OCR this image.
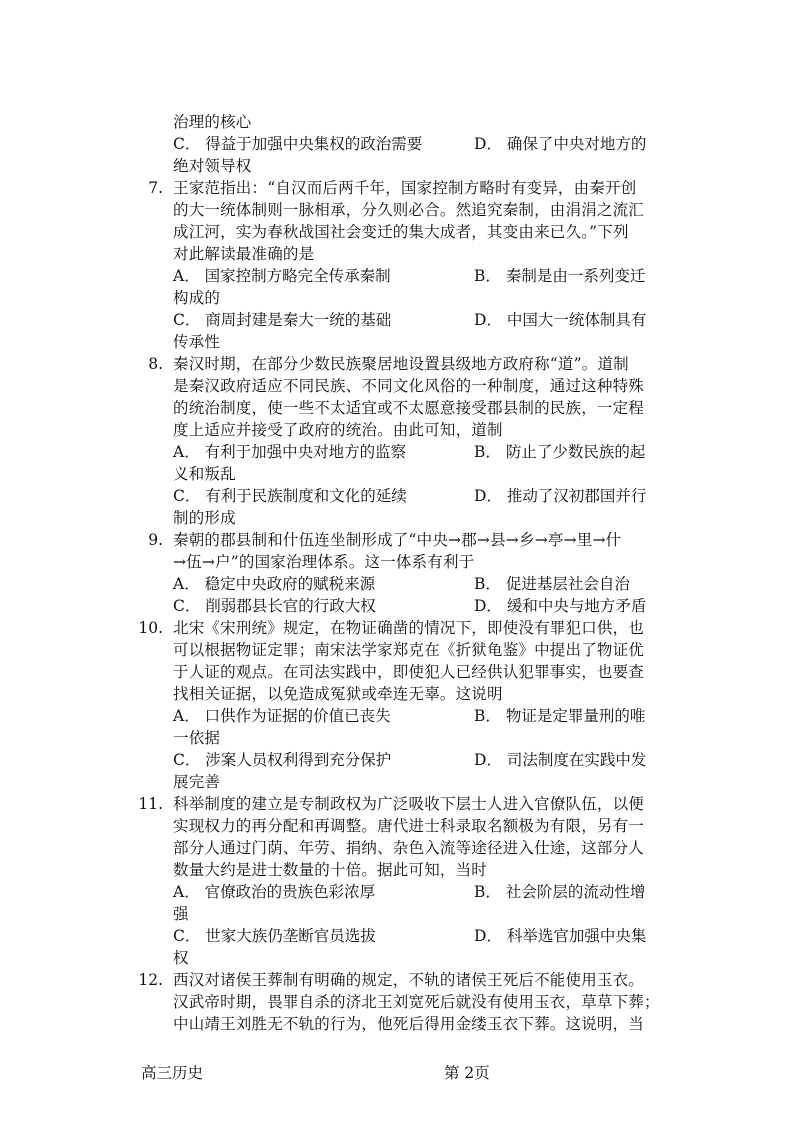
治理的核心
C． 得益于加强中央集权的政治需要	D． 确保了中央对地方的
绝对领导权
7. 王家范指出：“自汉而后两千年，国家控制方略时有变异，由秦开创
的大一统体制则一脉相承，分久则必合。然追究秦制，由涓涓之流汇
成江河，实为春秋战国社会变迁的集大成者，其变由来已久。”下列
对此解读最准确的是
A． 国家控制方略完全传承秦制	B． 秦制是由一系列变迁
构成的
C． 商周封建是秦大一统的基础	D． 中国大一统体制具有
传承性
8. 秦汉时期，在部分少数民族聚居地设置县级地方政府称“道”。道制
是秦汉政府适应不同民族、不同文化风俗的一种制度，通过这种特殊
的统治制度，使一些不太适宜或不太愿意接受郡县制的民族，一定程
度上适应并接受了政府的统治。由此可知，道制
A． 有利于加强中央对地方的监察	B． 防止了少数民族的起
义和叛乱
C． 有利于民族制度和文化的延续	D． 推动了汉初郡国并行
制的形成
9. 秦朝的郡县制和什伍连坐制形成了“中央→郡→县→乡→亭→里→什
→伍→户”的国家治理体系。这一体系有利于
A． 稳定中央政府的赋税来源	B． 促进基层社会自治
C． 削弱郡县长官的行政大权	D． 缓和中央与地方矛盾
10. 北宋《宋刑统》规定，在物证确凿的情况下，即使没有罪犯口供，也
可以根据物证定罪；南宋法学家郑克在《折狱龟鉴》中提出了物证优
于人证的观点。在司法实践中，即使犯人已经供认犯罪事实，也要查
找相关证据，以免造成冤狱或牵连无辜。这说明
A． 口供作为证据的价值已丧失	B． 物证是定罪量刑的唯
一依据
C． 涉案人员权利得到充分保护	D． 司法制度在实践中发
展完善
11. 科举制度的建立是专制政权为广泛吸收下层士人进入官僚队伍，以便
实现权力的再分配和再调整。唐代进士科录取名额极为有限，另有一
部分人通过门荫、年劳、捐纳、杂色入流等途径进入仕途，这部分人
数量大约是进士数量的十倍。据此可知，当时
A． 官僚政治的贵族色彩浓厚	B． 社会阶层的流动性增
强
C． 世家大族仍垄断官员选拔	D． 科举选官加强中央集
权
12. 西汉对诸侯王葬制有明确的规定，不轨的诸侯王死后不能使用玉衣。
汉武帝时期，畏罪自杀的济北王刘宽死后就没有使用玉衣，草草下葬；
中山靖王刘胜无不轨的行为，他死后得用金缕玉衣下葬。这说明，当
高三历史	第 2页
